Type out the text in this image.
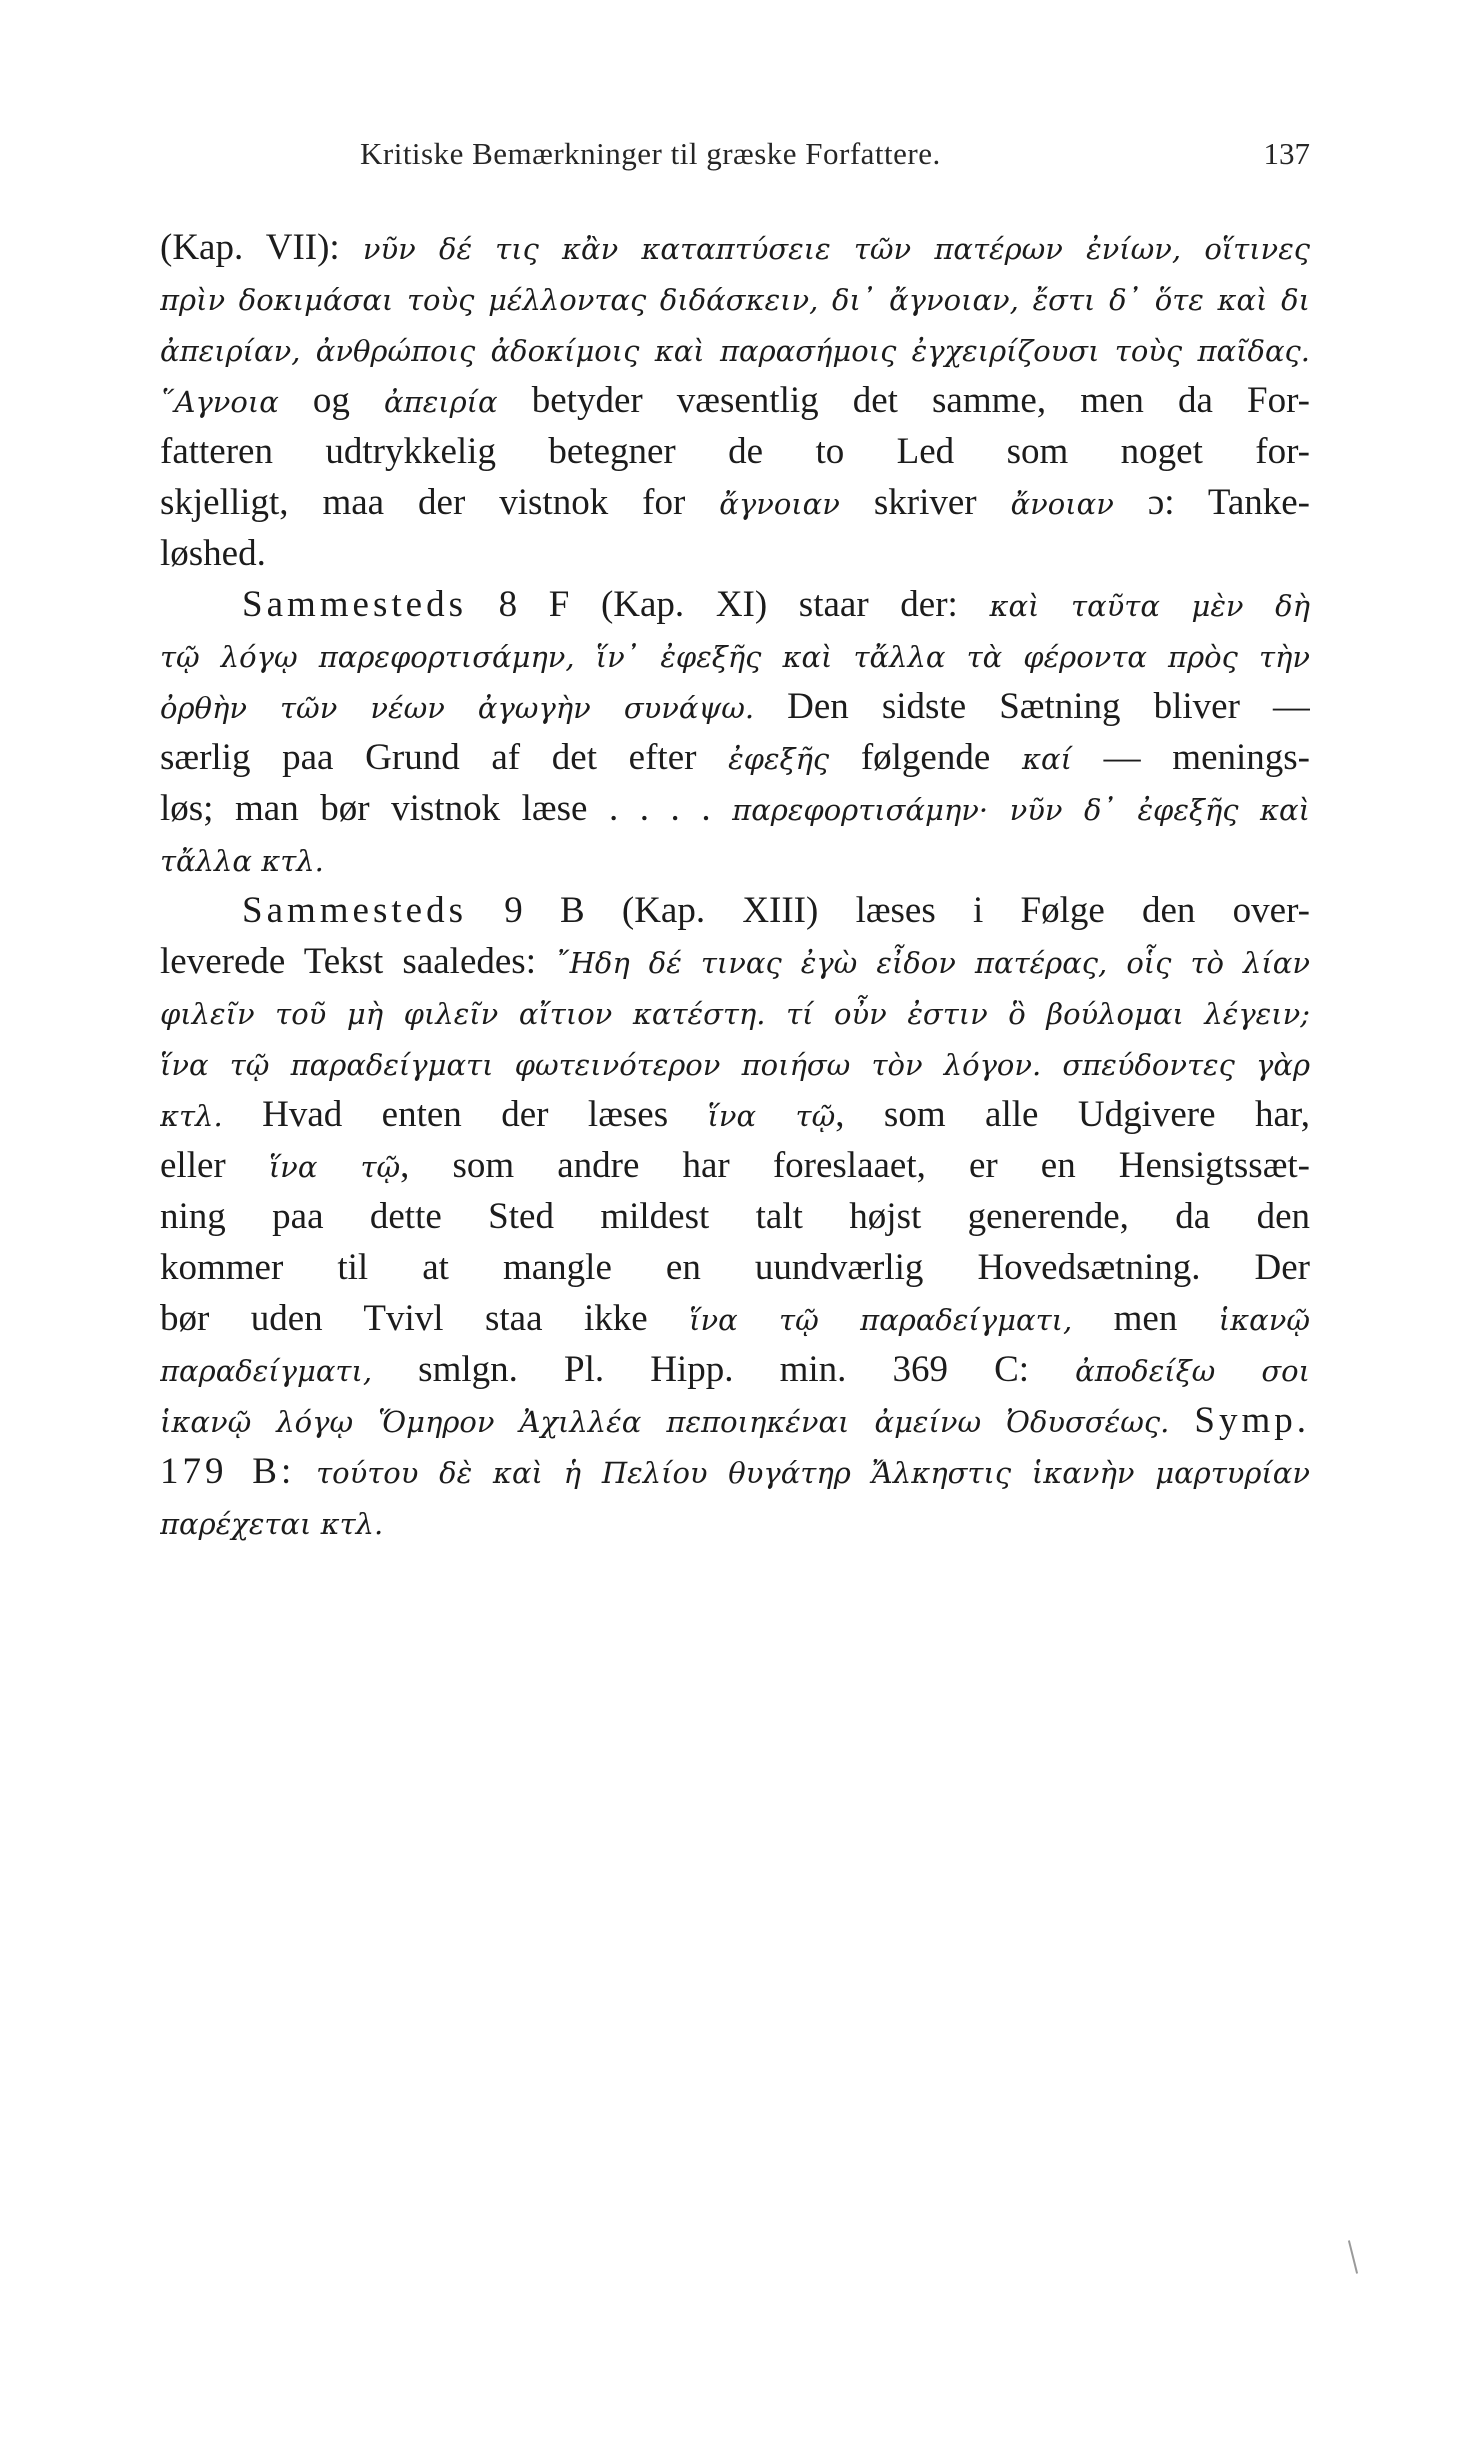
Kritiske Bemærkninger til græske Forfattere.	137
(Kap. VII): νῦν δέ τις κἂν καταπτύσειε τῶν πατέρων ἐνίων, οἵτινες
πρὶν δοκιμάσαι τοὺς μέλλοντας διδάσκειν, δι᾿ ἄγνοιαν, ἔστι δ᾿ ὅτε καὶ δι
ἀπειρίαν, ἀνθρώποις ἀδοκίμοις καὶ παρασήμοις ἐγχειρίζουσι τοὺς παῖδας.
῞Αγνοια og ἀπειρία betyder væsentlig det samme, men da For-
fatteren udtrykkelig betegner de to Led som noget for-
skjelligt, maa der vistnok for ἄγνοιαν skriver ἄνοιαν ɔ: Tanke-
løshed.
Sammesteds 8 F (Kap. XI) staar der: καὶ ταῦτα μὲν δὴ
τῷ λόγῳ παρεφορτισάμην, ἵν᾿ ἐφεξῆς καὶ τἄλλα τὰ φέροντα πρὸς τὴν
ὀρθὴν τῶν νέων ἀγωγὴν συνάψω. Den sidste Sætning bliver —
særlig paa Grund af det efter ἐφεξῆς følgende καί — menings-
løs; man bør vistnok læse . . . . παρεφορτισάμην· νῦν δ᾿ ἐφεξῆς καὶ
τἄλλα κτλ.
Sammesteds 9 B (Kap. XIII) læses i Følge den over-
leverede Tekst saaledes: ῎Ηδη δέ τινας ἐγὼ εἶδον πατέρας, οἷς τὸ λίαν
φιλεῖν τοῦ μὴ φιλεῖν αἴτιον κατέστη. τί οὖν ἐστιν ὃ βούλομαι λέγειν;
ἵνα τῷ παραδείγματι φωτεινότερον ποιήσω τὸν λόγον. σπεύδοντες γὰρ
κτλ. Hvad enten der læses ἵνα τῷ, som alle Udgivere har,
eller ἵνα τῷ, som andre har foreslaaet, er en Hensigtssæt-
ning paa dette Sted mildest talt højst generende, da den
kommer til at mangle en uundværlig Hovedsætning. Der
bør uden Tvivl staa ikke ἵνα τῷ παραδείγματι, men ἱκανῷ
παραδείγματι, smlgn. Pl. Hipp. min. 369 C: ἀποδείξω σοι
ἱκανῷ λόγῳ Ὅμηρον Ἀχιλλέα πεποιηκέναι ἀμείνω Ὀδυσσέως. Symp.
179 B: τούτου δὲ καὶ ἡ Πελίου θυγάτηρ Ἄλκηστις ἱκανὴν μαρτυρίαν
παρέχεται κτλ.
